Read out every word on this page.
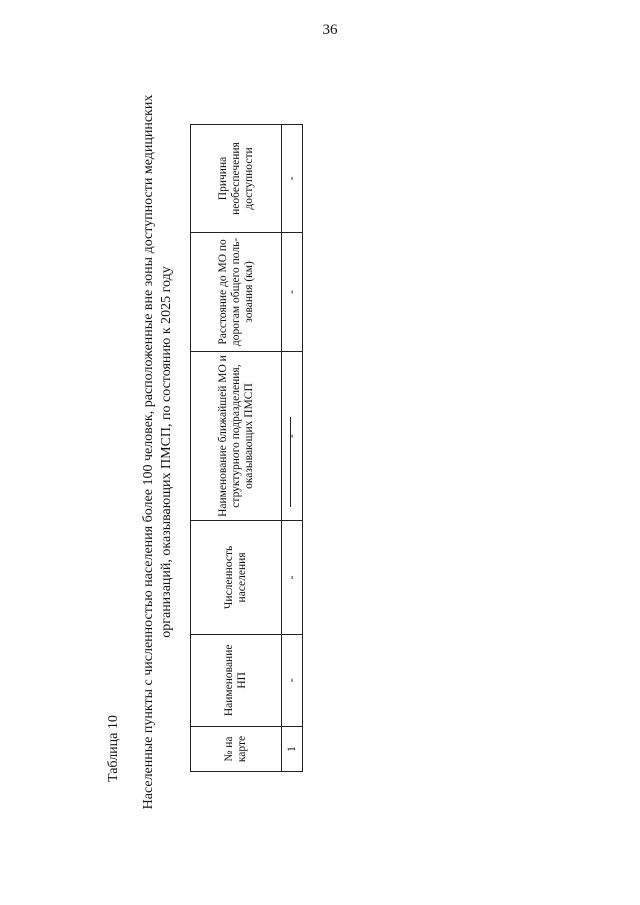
36
Таблица 10 Населенные пункты с численностью населения более 100 человек, расположенные вне зоны доступности медицинских организаций, оказывающих ПМСП, по состоянию к 2025 году
№ на карте	Наименование НП	Численность населения	Наименование ближайшей МО и структурного подразделения, оказывающих ПМСП	Расстояние до МО по дорогам общего поль-зования (км)	Причина необеспечения доступности
1	-	-	-	-	-
